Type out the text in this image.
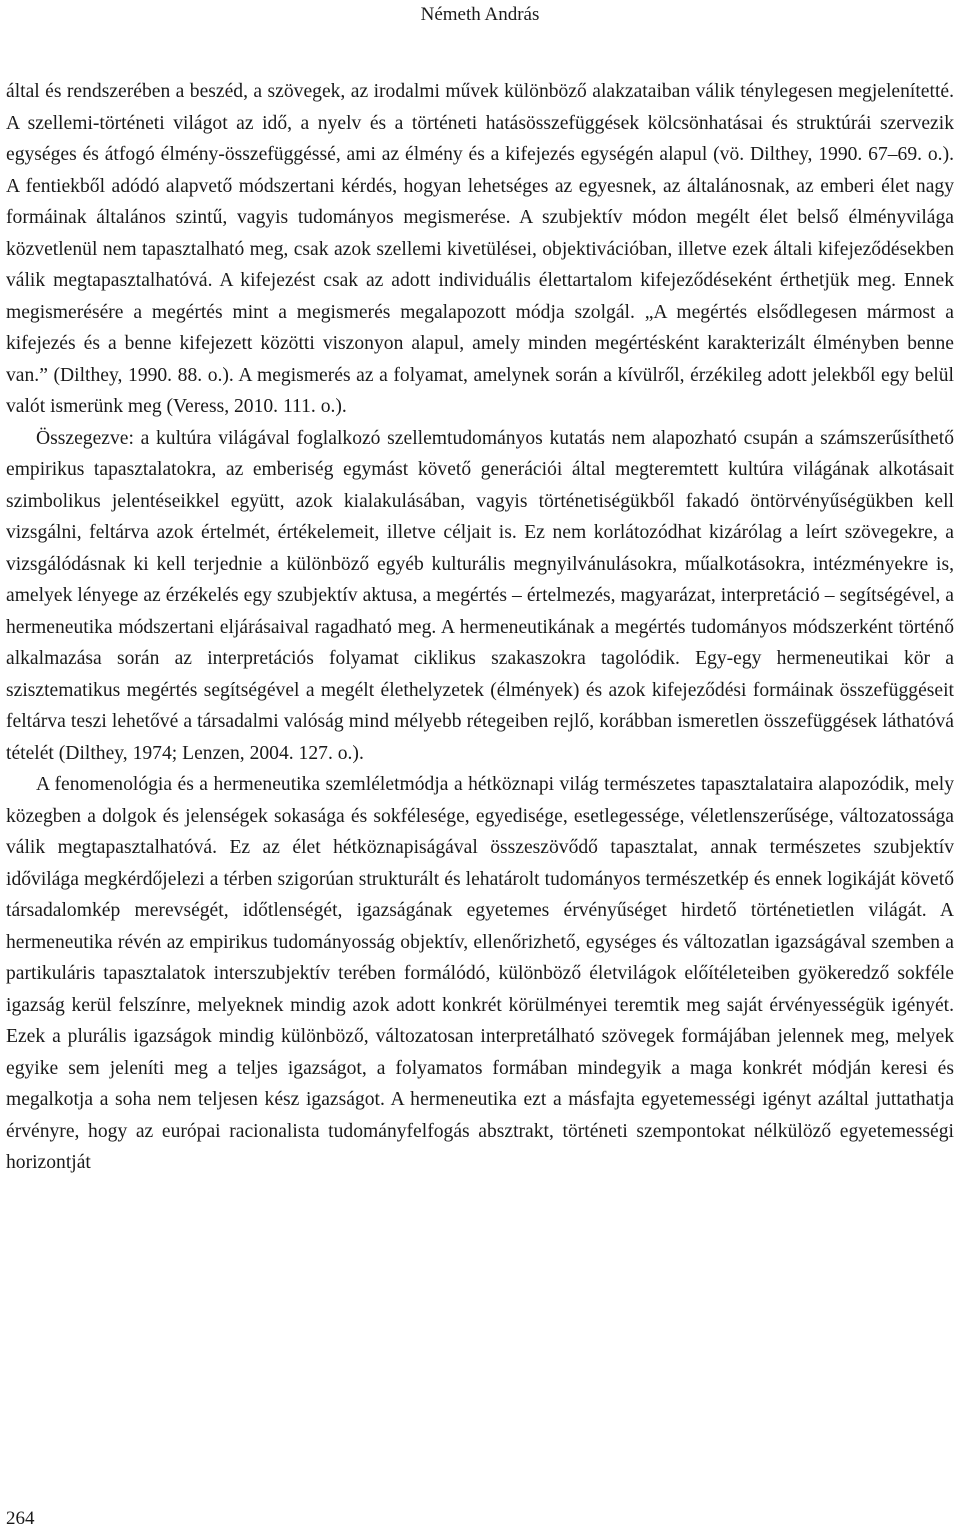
Németh András

által és rendszerében a beszéd, a szövegek, az irodalmi művek különböző alakzataiban válik ténylegesen megjelenítetté. A szellemi-történeti világot az idő, a nyelv és a történeti hatásösszefüggések kölcsönhatásai és struktúrái szervezik egységes és átfogó élmény-összefüggéssé, ami az élmény és a kifejezés egységén alapul (vö. Dilthey, 1990. 67–69. o.). A fentiekből adódó alapvető módszertani kérdés, hogyan lehetséges az egyesnek, az általánosnak, az emberi élet nagy formáinak általános szintű, vagyis tudományos megismerése. A szubjektív módon megélt élet belső élményvilága közvetlenül nem tapasztalható meg, csak azok szellemi kivetülései, objektivációban, illetve ezek általi kifejeződésekben válik megtapasztalhatóvá. A kifejezést csak az adott individuális élettartalom kifejeződéseként érthetjük meg. Ennek megismerésére a megértés mint a megismerés megalapozott módja szolgál. „A megértés elsődlegesen mármost a kifejezés és a benne kifejezett közötti viszonyon alapul, amely minden megértésként karakterizált élményben benne van.” (Dilthey, 1990. 88. o.). A megismerés az a folyamat, amelynek során a kívülről, érzékileg adott jelekből egy belül valót ismerünk meg (Veress, 2010. 111. o.).

Összegezve: a kultúra világával foglalkozó szellemtudományos kutatás nem alapozható csupán a számszerűsíthető empirikus tapasztalatokra, az emberiség egymást követő generációi által megteremtett kultúra világának alkotásait szimbolikus jelentéseikkel együtt, azok kialakulásában, vagyis történetiségükből fakadó öntörvényűségükben kell vizsgálni, feltárva azok értelmét, értékelemeit, illetve céljait is. Ez nem korlátozódhat kizárólag a leírt szövegekre, a vizsgálódásnak ki kell terjednie a különböző egyéb kulturális megnyilvánulásokra, műalkotásokra, intézményekre is, amelyek lényege az érzékelés egy szubjektív aktusa, a megértés – értelmezés, magyarázat, interpretáció – segítségével, a hermeneutika módszertani eljárásaival ragadható meg. A hermeneutikának a megértés tudományos módszerként történő alkalmazása során az interpretációs folyamat ciklikus szakaszokra tagolódik. Egy-egy hermeneutikai kör a szisztematikus megértés segítségével a megélt élethelyzetek (élmények) és azok kifejeződési formáinak összefüggéseit feltárva teszi lehetővé a társadalmi valóság mind mélyebb rétegeiben rejlő, korábban ismeretlen összefüggések láthatóvá tételét (Dilthey, 1974; Lenzen, 2004. 127. o.).

A fenomenológia és a hermeneutika szemléletmódja a hétköznapi világ természetes tapasztalataira alapozódik, mely közegben a dolgok és jelenségek sokasága és sokfélesége, egyedisége, esetlegessége, véletlenszerűsége, változatossága válik megtapasztalhatóvá. Ez az élet hétköznapiságával összeszövődő tapasztalat, annak természetes szubjektív idővilága megkérdőjelezi a térben szigorúan strukturált és lehatárolt tudományos természetkép és ennek logikáját követő társadalomkép merevségét, időtlenségét, igazságának egyetemes érvényűséget hirdető történetietlen világát. A hermeneutika révén az empirikus tudományosság objektív, ellenőrizhető, egységes és változatlan igazságával szemben a partikuláris tapasztalatok interszubjektív terében formálódó, különböző életvilágok előítéleteiben gyökeredző sokféle igazság kerül felszínre, melyeknek mindig azok adott konkrét körülményei teremtik meg saját érvényességük igényét. Ezek a plurális igazságok mindig különböző, változatosan interpretálható szövegek formájában jelennek meg, melyek egyike sem jeleníti meg a teljes igazságot, a folyamatos formában mindegyik a maga konkrét módján keresi és megalkotja a soha nem teljesen kész igazságot. A hermeneutika ezt a másfajta egyetemességi igényt azáltal juttathatja érvényre, hogy az európai racionalista tudományfelfogás absztrakt, történeti szempontokat nélkülöző egyetemességi horizontját

264
